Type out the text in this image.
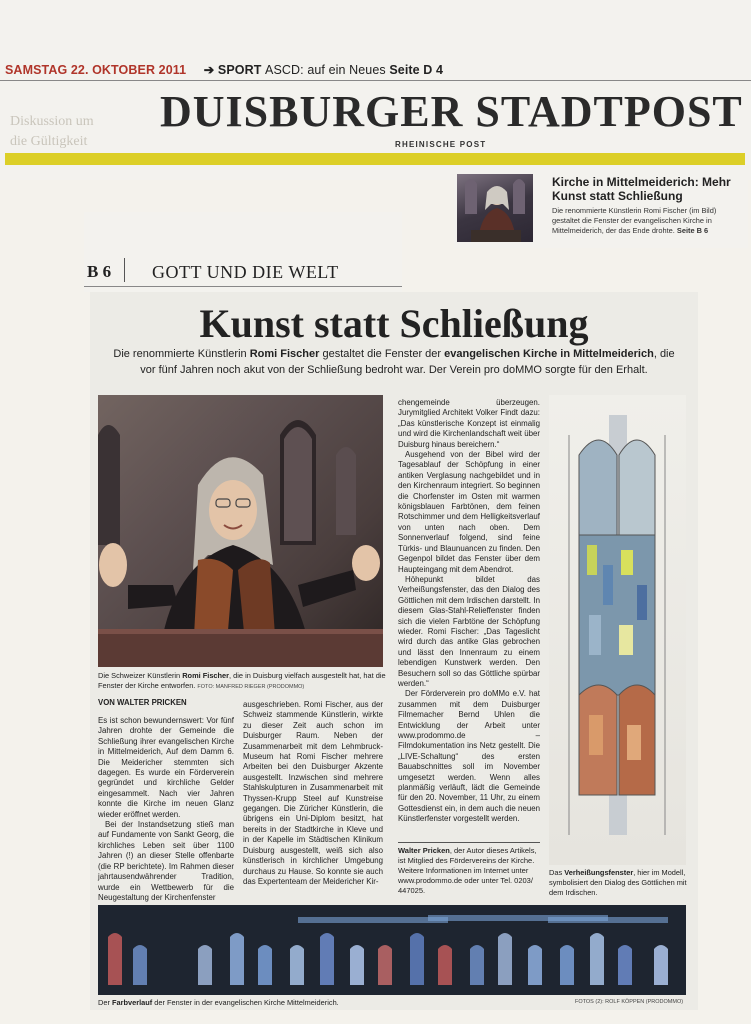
Diskussion um
die Gültigkeit
SAMSTAG 22. OKTOBER 2011 ➔ SPORT ASCD: auf ein Neues Seite D 4
DUISBURGER STADTPOST
RHEINISCHE POST
Kirche in Mittelmeiderich: Mehr Kunst statt Schließung
Die renommierte Künstlerin Romi Fischer (im Bild) gestaltet die Fenster der evangelischen Kirche in Mittelmeiderich, der das Ende drohte. Seite B 6
B 6 GOTT UND DIE WELT
Kunst statt Schließung
Die renommierte Künstlerin Romi Fischer gestaltet die Fenster der evangelischen Kirche in Mittelmeiderich, die vor fünf Jahren noch akut von der Schließung bedroht war. Der Verein pro doMMO sorgte für den Erhalt.
Die Schweizer Künstlerin Romi Fischer, die in Duisburg vielfach ausgestellt hat, hat die Fenster der Kirche entworfen. FOTO: MANFRED RIEGER (PRODOMMO)
VON WALTER PRICKEN

Es ist schon bewundernswert: Vor fünf Jahren drohte der Gemeinde die Schließung ihrer evangelischen Kirche in Mittelmeiderich, Auf dem Damm 6. Die Meidericher stemmten sich dagegen. Es wurde ein Förderverein gegründet und kirchliche Gelder eingesammelt. Nach vier Jahren konnte die Kirche im neuen Glanz wieder eröffnet werden.

Bei der Instandsetzung stieß man auf Fundamente von Sankt Georg, die kirchliches Leben seit über 1100 Jahren (!) an dieser Stelle offenbarte (die RP berichtete). Im Rahmen dieser jahrtausendwährender Tradition, wurde ein Wettbewerb für die Neugestaltung der Kirchenfenster

ausgeschrieben. Romi Fischer, aus der Schweiz stammende Künstlerin, wirkte zu dieser Zeit auch schon im Duisburger Raum. Neben der Zusammenarbeit mit dem Lehmbruck-Museum hat Romi Fischer mehrere Arbeiten bei den Duisburger Akzente ausgestellt. Inzwischen sind mehrere Stahlskulpturen in Zusammenarbeit mit Thyssen-Krupp Steel auf Kunstreise gegangen. Die Züricher Künstlerin, die übrigens ein Uni-Diplom besitzt, hat bereits in der Stadtkirche in Kleve und in der Kapelle im Städtischen Klinikum Duisburg ausgestellt, weiß sich also künstlerisch in kirchlicher Umgebung durchaus zu Hause. So konnte sie auch das Expertenteam der Meidericher Kir-

chengemeinde überzeugen. Jurymitglied Architekt Volker Findt dazu: „Das künstlerische Konzept ist einmalig und wird die Kirchenlandschaft weit über Duisburg hinaus bereichern.“

Ausgehend von der Bibel wird der Tagesablauf der Schöpfung in einer antiken Verglasung nachgebildet und in den Kirchenraum integriert. So beginnen die Chorfenster im Osten mit warmen königsblauen Farbtönen, dem feinen Rotschimmer und dem Helligkeitsverlauf von unten nach oben. Dem Sonnenverlauf folgend, sind feine Türkis- und Blaunuancen zu finden. Den Gegenpol bildet das Fenster über dem Haupteingang mit dem Abendrot.

Höhepunkt bildet das Verheißungsfenster, das den Dialog des Göttlichen mit dem Irdischen darstellt. In diesem Glas-Stahl-Relieffenster finden sich die vielen Farbtöne der Schöpfung wieder. Romi Fischer: „Das Tageslicht wird durch das antike Glas gebrochen und lässt den Innenraum zu einem lebendigen Kunstwerk werden. Den Besuchern soll so das Göttliche spürbar werden.“

Der Förderverein pro doMMo e.V. hat zusammen mit dem Duisburger Filmemacher Bernd Uhlen die Entwicklung der Arbeit unter www.prodommo.de – Filmdokumentation ins Netz gestellt. Die „LIVE-Schaltung“ des ersten Bauabschnittes soll im November umgesetzt werden. Wenn alles planmäßig verläuft, lädt die Gemeinde für den 20. November, 11 Uhr, zu einem Gottesdienst ein, in dem auch die neuen Künstlerfenster vorgestellt werden.

Walter Pricken, der Autor dieses Artikels, ist Mitglied des Fördervereins der Kirche. Weitere Informationen im Internet unter www.prodommo.de oder unter Tel. 0203/ 447025.
Das Verheißungsfenster, hier im Modell, symbolisiert den Dialog des Göttlichen mit dem Irdischen.
Der Farbverlauf der Fenster in der evangelischen Kirche Mittelmeiderich.	FOTOS (2): ROLF KÖPPEN (PRODOMMO)
